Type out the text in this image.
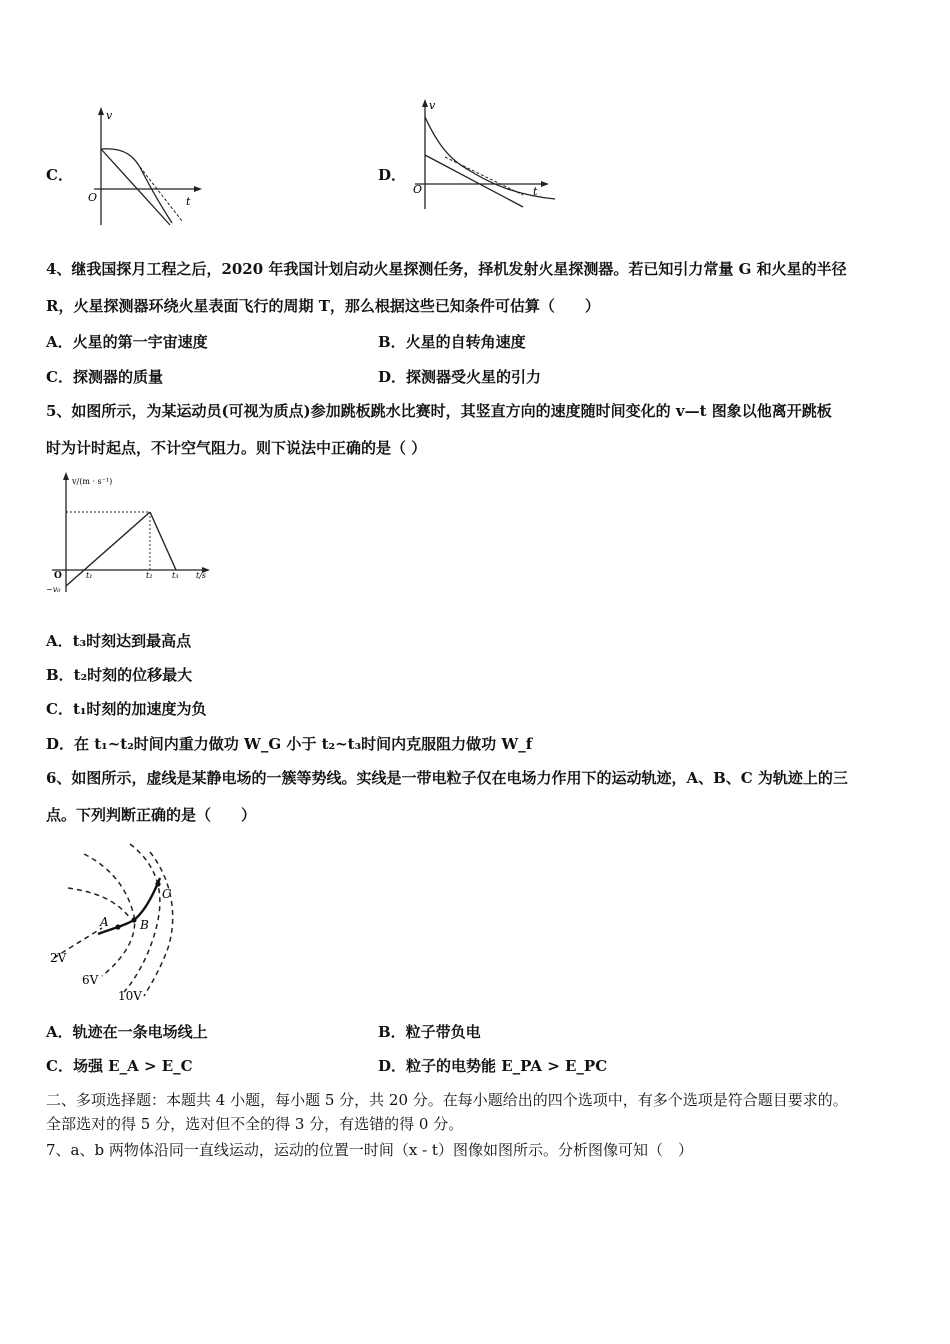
C．
v
t
O
D．
v
t
O
4、继我国探月工程之后，2020 年我国计划启动火星探测任务，择机发射火星探测器。若已知引力常量 G 和火星的半径
R，火星探测器环绕火星表面飞行的周期 T，那么根据这些已知条件可估算（　　）
A．火星的第一宇宙速度	B．火星的自转角速度
C．探测器的质量	D．探测器受火星的引力
5、如图所示，为某运动员(可视为质点)参加跳板跳水比赛时，其竖直方向的速度随时间变化的 v—t 图象以他离开跳板
时为计时起点，不计空气阻力。则下说法中正确的是（ ）
v/(m · s⁻¹)
t/s
O
−v₀
t₁	t₂ t₃
A．t₃时刻达到最高点
B．t₂时刻的位移最大
C．t₁时刻的加速度为负
D．在 t₁~t₂时间内重力做功 W_G 小于 t₂~t₃时间内克服阻力做功 W_f
6、如图所示，虚线是某静电场的一簇等势线。实线是一带电粒子仅在电场力作用下的运动轨迹，A、B、C 为轨迹上的三
点。下列判断正确的是（　　）
A	B
C
2V
6V
10V
A．轨迹在一条电场线上	B．粒子带负电
C．场强 E_A > E_C	D．粒子的电势能 E_PA > E_PC
二、多项选择题：本题共 4 小题，每小题 5 分，共 20 分。在每小题给出的四个选项中，有多个选项是符合题目要求的。
全部选对的得 5 分，选对但不全的得 3 分，有选错的得 0 分。
7、a、b 两物体沿同一直线运动，运动的位置一时间（x - t）图像如图所示。分析图像可知（　）
